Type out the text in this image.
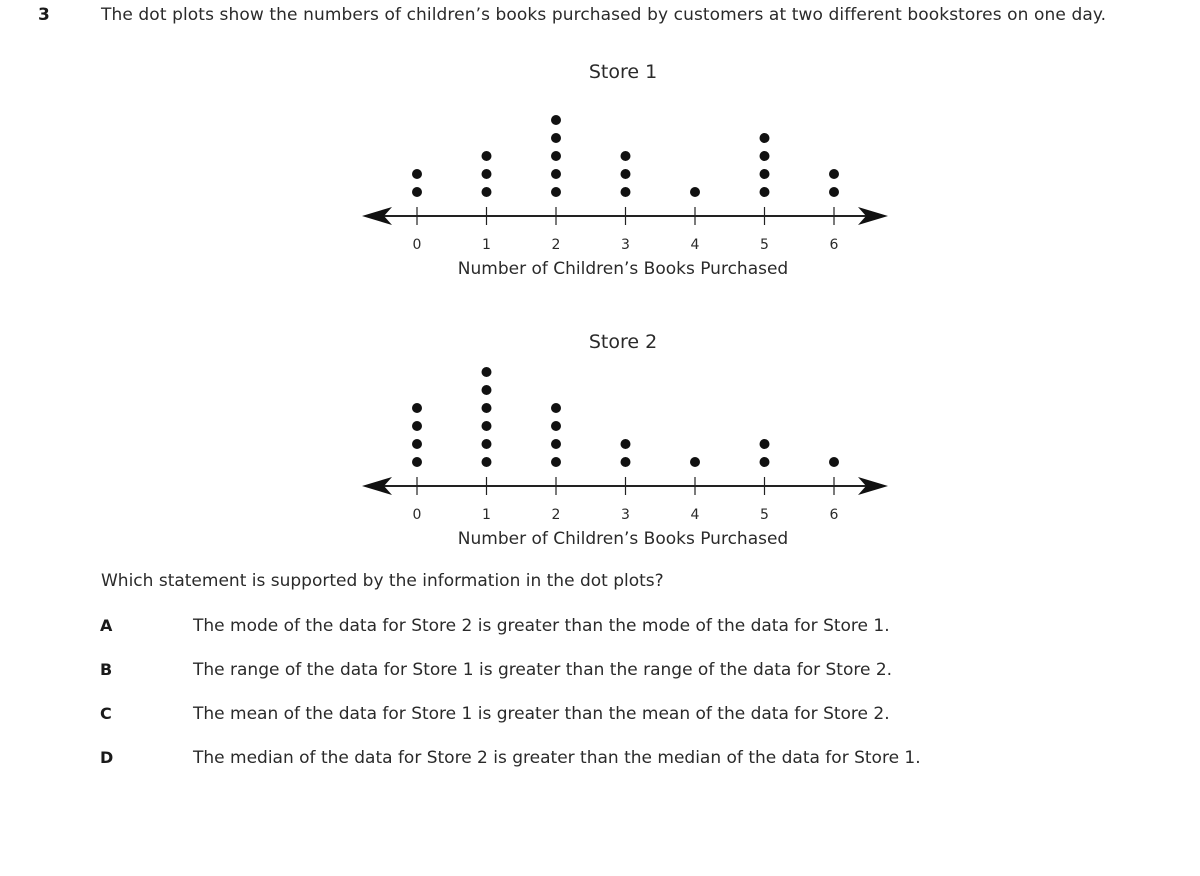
3	The dot plots show the numbers of children’s books purchased by customers at two different bookstores on one day.
Store 1
0	1	2	3	4	5	6
Number of Children’s Books Purchased
Store 2
0	1	2	3	4	5	6
Number of Children’s Books Purchased
Which statement is supported by the information in the dot plots?
A	The mode of the data for Store 2 is greater than the mode of the data for Store 1.
B	The range of the data for Store 1 is greater than the range of the data for Store 2.
C	The mean of the data for Store 1 is greater than the mean of the data for Store 2.
D	The median of the data for Store 2 is greater than the median of the data for Store 1.
